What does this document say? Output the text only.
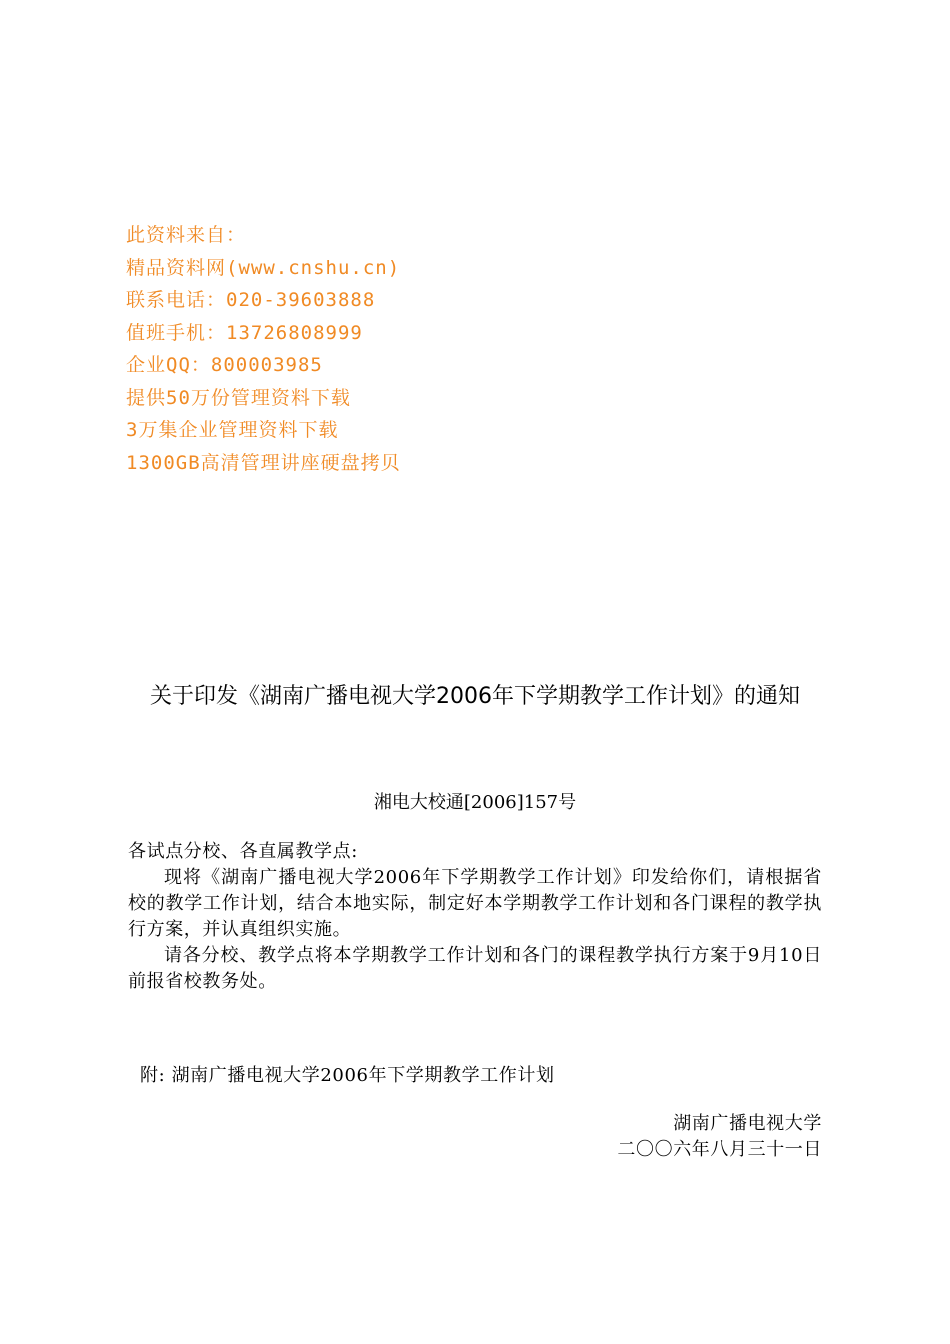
此资料来自：
精品资料网(www.cnshu.cn)
联系电话：020-39603888
值班手机：13726808999
企业QQ：800003985
提供50万份管理资料下载
3万集企业管理资料下载
1300GB高清管理讲座硬盘拷贝
关于印发《湖南广播电视大学2006年下学期教学工作计划》的通知
湘电大校通[2006]157号

各试点分校、各直属教学点:

现将《湖南广播电视大学2006年下学期教学工作计划》印发给你们，请根据省校的教学工作计划，结合本地实际，制定好本学期教学工作计划和各门课程的教学执行方案，并认真组织实施。

请各分校、教学点将本学期教学工作计划和各门的课程教学执行方案于9月10日前报省校教务处。

附: 湖南广播电视大学2006年下学期教学工作计划
湖南广播电视大学
二〇〇六年八月三十一日
